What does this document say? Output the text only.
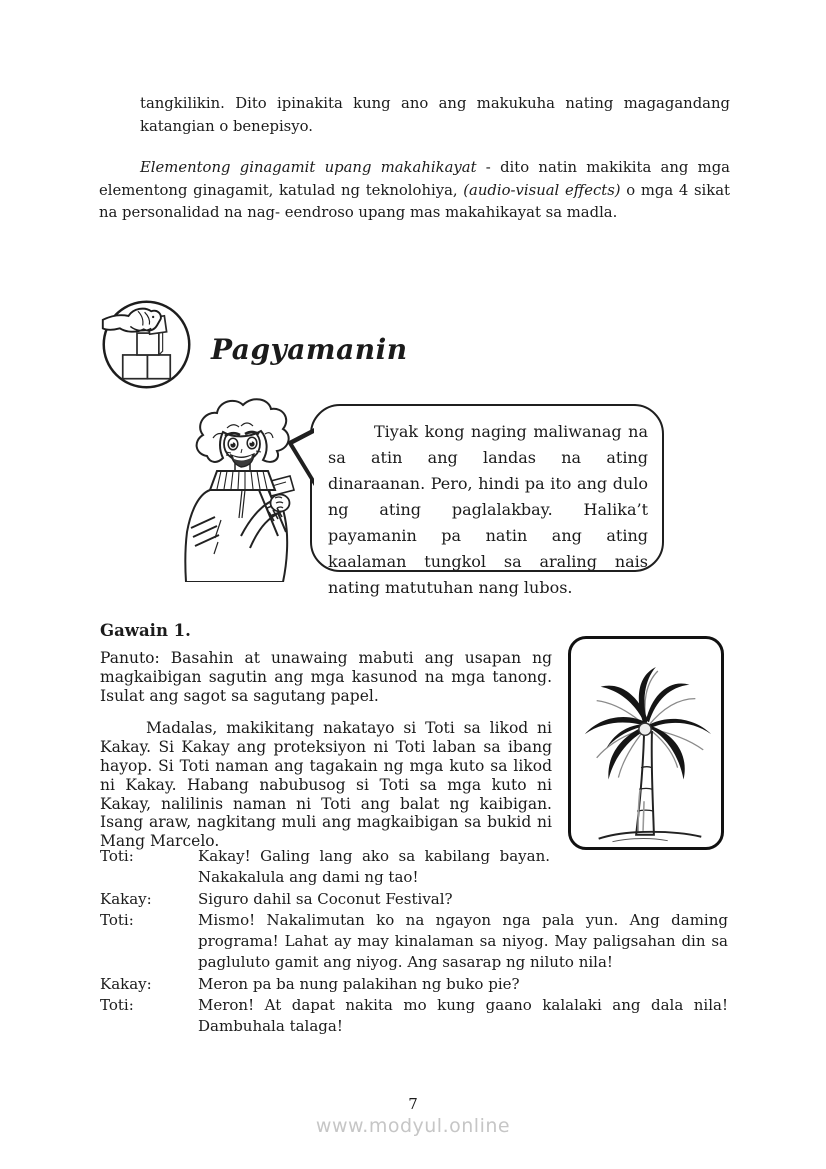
tangkilikin. Dito ipinakita kung ano ang makukuha nating magagandang katangian o benepisyo.

Elementong ginagamit upang makahikayat - dito natin makikita ang mga elementong ginagamit, katulad ng teknolohiya, (audio-visual effects) o mga 4 sikat na personalidad na nag- eendroso upang mas makahikayat sa madla.

Pagyamanin

Tiyak kong naging maliwanag na sa atin ang landas na ating dinaraanan. Pero, hindi pa ito ang dulo ng ating paglalakbay. Halika’t payamanin pa natin ang ating kaalaman tungkol sa araling nais nating matutuhan nang lubos.

Gawain 1.

Panuto: Basahin at unawaing mabuti ang usapan ng magkaibigan sagutin ang mga kasunod na mga tanong. Isulat ang sagot sa sagutang papel.

Madalas, makikitang nakatayo si Toti sa likod ni Kakay. Si Kakay ang proteksiyon ni Toti laban sa ibang hayop. Si Toti naman ang tagakain ng mga kuto sa likod ni Kakay. Habang nabubusog si Toti sa mga kuto ni Kakay, nalilinis naman ni Toti ang balat ng kaibigan. Isang araw, nagkitang muli ang magkaibigan sa bukid ni Mang Marcelo.

Toti:	Kakay! Galing lang ako sa kabilang bayan.
Nakakalula ang dami ng tao!
Kakay:	Siguro dahil sa Coconut Festival?
Toti:	Mismo! Nakalimutan ko na ngayon nga pala yun. Ang daming
programa! Lahat ay may kinalaman sa niyog. May paligsahan din sa
pagluluto gamit ang niyog. Ang sasarap ng niluto nila!
Kakay:	Meron pa ba nung palakihan ng buko pie?
Toti:	Meron! At dapat nakita mo kung gaano kalalaki ang dala nila!
Dambuhala talaga!
7
www.modyul.online
